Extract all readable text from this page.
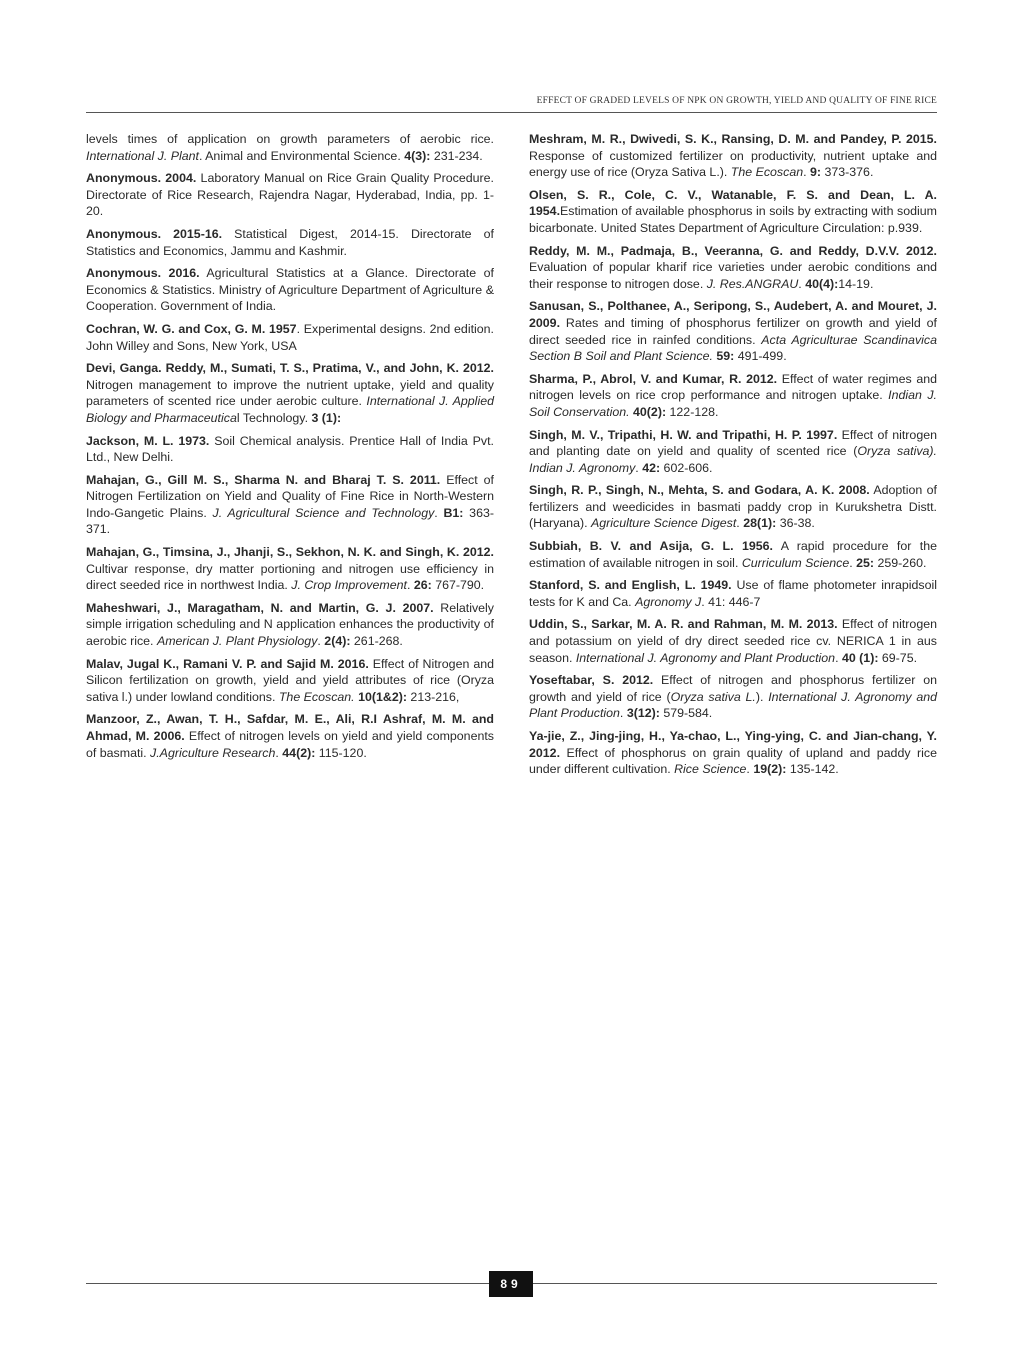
EFFECT OF GRADED LEVELS OF NPK ON GROWTH, YIELD AND QUALITY OF FINE RICE

levels times of application on growth parameters of aerobic rice. International J. Plant. Animal and Environmental Science. 4(3): 231-234.

Anonymous. 2004. Laboratory Manual on Rice Grain Quality Procedure. Directorate of Rice Research, Rajendra Nagar, Hyderabad, India, pp. 1-20.

Anonymous. 2015-16. Statistical Digest, 2014-15. Directorate of Statistics and Economics, Jammu and Kashmir.

Anonymous. 2016. Agricultural Statistics at a Glance. Directorate of Economics & Statistics. Ministry of Agriculture Department of Agriculture & Cooperation. Government of India.

Cochran, W. G. and Cox, G. M. 1957. Experimental designs. 2nd edition. John Willey and Sons, New York, USA

Devi, Ganga. Reddy, M., Sumati, T. S., Pratima, V., and John, K. 2012. Nitrogen management to improve the nutrient uptake, yield and quality parameters of scented rice under aerobic culture. International J. Applied Biology and Pharmaceutical Technology. 3 (1):

Jackson, M. L. 1973. Soil Chemical analysis. Prentice Hall of India Pvt. Ltd., New Delhi.

Mahajan, G., Gill M. S., Sharma N. and Bharaj T. S. 2011. Effect of Nitrogen Fertilization on Yield and Quality of Fine Rice in North-Western Indo-Gangetic Plains. J. Agricultural Science and Technology. B1: 363-371.

Mahajan, G., Timsina, J., Jhanji, S., Sekhon, N. K. and Singh, K. 2012. Cultivar response, dry matter portioning and nitrogen use efficiency in direct seeded rice in northwest India. J. Crop Improvement. 26: 767-790.

Maheshwari, J., Maragatham, N. and Martin, G. J. 2007. Relatively simple irrigation scheduling and N application enhances the productivity of aerobic rice. American J. Plant Physiology. 2(4): 261-268.

Malav, Jugal K., Ramani V. P. and Sajid M. 2016. Effect of Nitrogen and Silicon fertilization on growth, yield and yield attributes of rice (Oryza sativa l.) under lowland conditions. The Ecoscan. 10(1&2): 213-216,

Manzoor, Z., Awan, T. H., Safdar, M. E., Ali, R.I Ashraf, M. M. and Ahmad, M. 2006. Effect of nitrogen levels on yield and yield components of basmati. J.Agriculture Research. 44(2): 115-120.

Meshram, M. R., Dwivedi, S. K., Ransing, D. M. and Pandey, P. 2015. Response of customized fertilizer on productivity, nutrient uptake and energy use of rice (Oryza Sativa L.). The Ecoscan. 9: 373-376.

Olsen, S. R., Cole, C. V., Watanable, F. S. and Dean, L. A. 1954.Estimation of available phosphorus in soils by extracting with sodium bicarbonate. United States Department of Agriculture Circulation: p.939.

Reddy, M. M., Padmaja, B., Veeranna, G. and Reddy, D.V.V. 2012. Evaluation of popular kharif rice varieties under aerobic conditions and their response to nitrogen dose. J. Res.ANGRAU. 40(4):14-19.

Sanusan, S., Polthanee, A., Seripong, S., Audebert, A. and Mouret, J. 2009. Rates and timing of phosphorus fertilizer on growth and yield of direct seeded rice in rainfed conditions. Acta Agriculturae Scandinavica Section B Soil and Plant Science. 59: 491-499.

Sharma, P., Abrol, V. and Kumar, R. 2012. Effect of water regimes and nitrogen levels on rice crop performance and nitrogen uptake. Indian J. Soil Conservation. 40(2): 122-128.

Singh, M. V., Tripathi, H. W. and Tripathi, H. P. 1997. Effect of nitrogen and planting date on yield and quality of scented rice (Oryza sativa). Indian J. Agronomy. 42: 602-606.

Singh, R. P., Singh, N., Mehta, S. and Godara, A. K. 2008. Adoption of fertilizers and weedicides in basmati paddy crop in Kurukshetra Distt. (Haryana). Agriculture Science Digest. 28(1): 36-38.

Subbiah, B. V. and Asija, G. L. 1956. A rapid procedure for the estimation of available nitrogen in soil. Curriculum Science. 25: 259-260.

Stanford, S. and English, L. 1949. Use of flame photometer inrapidsoil tests for K and Ca. Agronomy J. 41: 446-7

Uddin, S., Sarkar, M. A. R. and Rahman, M. M. 2013. Effect of nitrogen and potassium on yield of dry direct seeded rice cv. NERICA 1 in aus season. International J. Agronomy and Plant Production. 40 (1): 69-75.

Yoseftabar, S. 2012. Effect of nitrogen and phosphorus fertilizer on growth and yield of rice (Oryza sativa L.). International J. Agronomy and Plant Production. 3(12): 579-584.

Ya-jie, Z., Jing-jing, H., Ya-chao, L., Ying-ying, C. and Jian-chang, Y. 2012. Effect of phosphorus on grain quality of upland and paddy rice under different cultivation. Rice Science. 19(2): 135-142.

89
